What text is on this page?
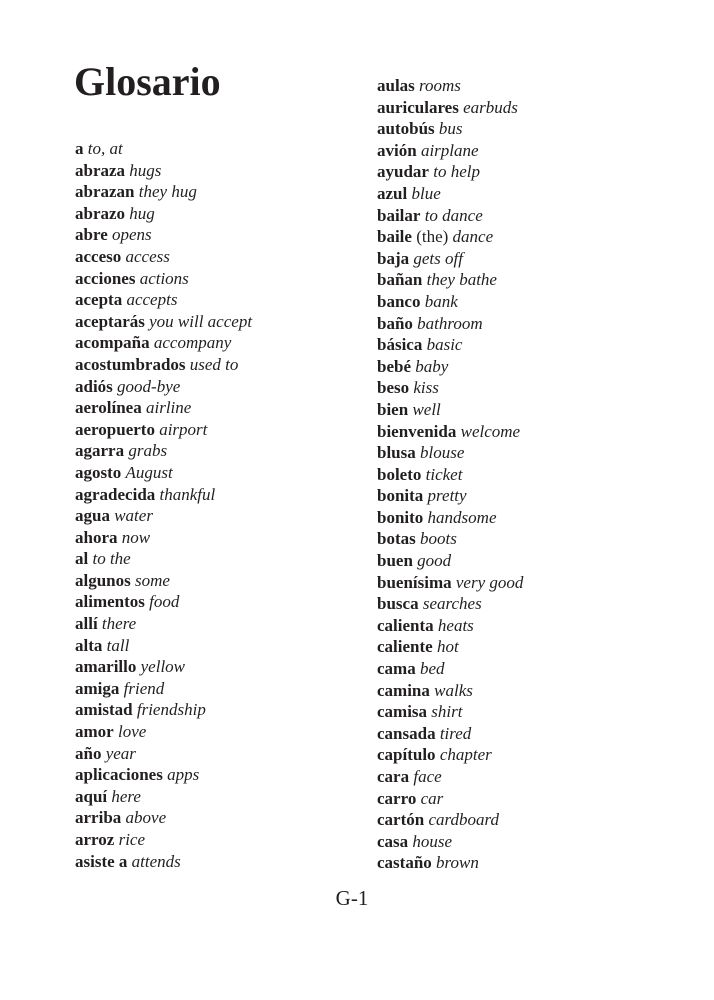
Glosario
a to, at
abraza hugs
abrazan they hug
abrazo hug
abre opens
acceso access
acciones actions
acepta accepts
aceptarás you will accept
acompaña accompany
acostumbrados used to
adiós good-bye
aerolínea airline
aeropuerto airport
agarra grabs
agosto August
agradecida thankful
agua water
ahora now
al to the
algunos some
alimentos food
allí there
alta tall
amarillo yellow
amiga friend
amistad friendship
amor love
año year
aplicaciones apps
aquí here
arriba above
arroz rice
asiste a attends
aulas rooms
auriculares earbuds
autobús bus
avión airplane
ayudar to help
azul blue
bailar to dance
baile (the) dance
baja gets off
bañan they bathe
banco bank
baño bathroom
básica basic
bebé baby
beso kiss
bien well
bienvenida welcome
blusa blouse
boleto ticket
bonita pretty
bonito handsome
botas boots
buen good
buenísima very good
busca searches
calienta heats
caliente hot
cama bed
camina walks
camisa shirt
cansada tired
capítulo chapter
cara face
carro car
cartón cardboard
casa house
castaño brown
G-1
